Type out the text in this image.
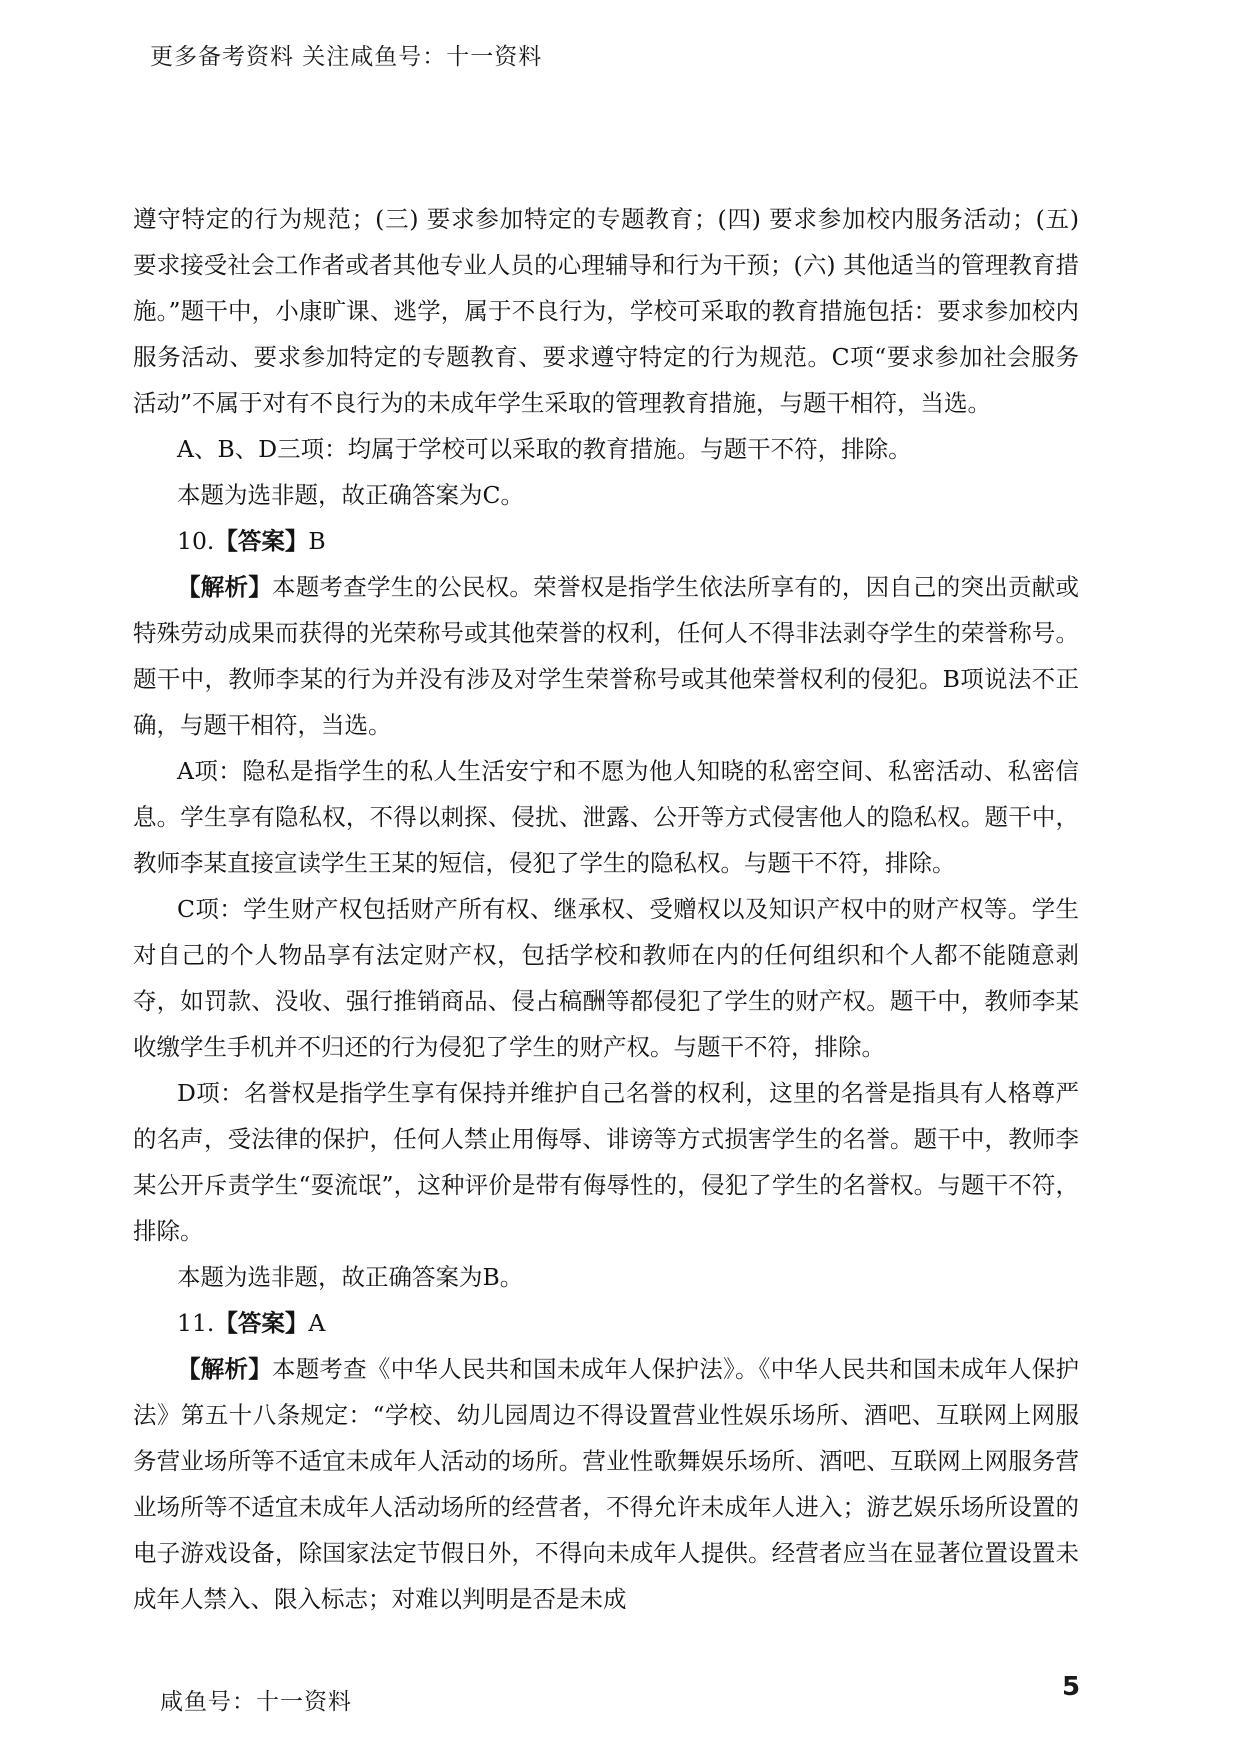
更多备考资料 关注咸鱼号：十一资料

遵守特定的行为规范；(三) 要求参加特定的专题教育；(四) 要求参加校内服务活动；(五) 要求接受社会工作者或者其他专业人员的心理辅导和行为干预；(六) 其他适当的管理教育措施。”题干中，小康旷课、逃学，属于不良行为，学校可采取的教育措施包括：要求参加校内服务活动、要求参加特定的专题教育、要求遵守特定的行为规范。C项“要求参加社会服务活动”不属于对有不良行为的未成年学生采取的管理教育措施，与题干相符，当选。

A、B、D三项：均属于学校可以采取的教育措施。与题干不符，排除。

本题为选非题，故正确答案为C。

10.【答案】B

【解析】本题考查学生的公民权。荣誉权是指学生依法所享有的，因自己的突出贡献或特殊劳动成果而获得的光荣称号或其他荣誉的权利，任何人不得非法剥夺学生的荣誉称号。题干中，教师李某的行为并没有涉及对学生荣誉称号或其他荣誉权利的侵犯。B项说法不正确，与题干相符，当选。

A项：隐私是指学生的私人生活安宁和不愿为他人知晓的私密空间、私密活动、私密信息。学生享有隐私权，不得以刺探、侵扰、泄露、公开等方式侵害他人的隐私权。题干中，教师李某直接宣读学生王某的短信，侵犯了学生的隐私权。与题干不符，排除。

C项：学生财产权包括财产所有权、继承权、受赠权以及知识产权中的财产权等。学生对自己的个人物品享有法定财产权，包括学校和教师在内的任何组织和个人都不能随意剥夺，如罚款、没收、强行推销商品、侵占稿酬等都侵犯了学生的财产权。题干中，教师李某收缴学生手机并不归还的行为侵犯了学生的财产权。与题干不符，排除。

D项：名誉权是指学生享有保持并维护自己名誉的权利，这里的名誉是指具有人格尊严的名声，受法律的保护，任何人禁止用侮辱、诽谤等方式损害学生的名誉。题干中，教师李某公开斥责学生“耍流氓”，这种评价是带有侮辱性的，侵犯了学生的名誉权。与题干不符，排除。

本题为选非题，故正确答案为B。

11.【答案】A

【解析】本题考查《中华人民共和国未成年人保护法》。《中华人民共和国未成年人保护法》第五十八条规定：“学校、幼儿园周边不得设置营业性娱乐场所、酒吧、互联网上网服务营业场所等不适宜未成年人活动的场所。营业性歌舞娱乐场所、酒吧、互联网上网服务营业场所等不适宜未成年人活动场所的经营者，不得允许未成年人进入；游艺娱乐场所设置的电子游戏设备，除国家法定节假日外，不得向未成年人提供。经营者应当在显著位置设置未成年人禁入、限入标志；对难以判明是否是未成

咸鱼号：十一资料	5
